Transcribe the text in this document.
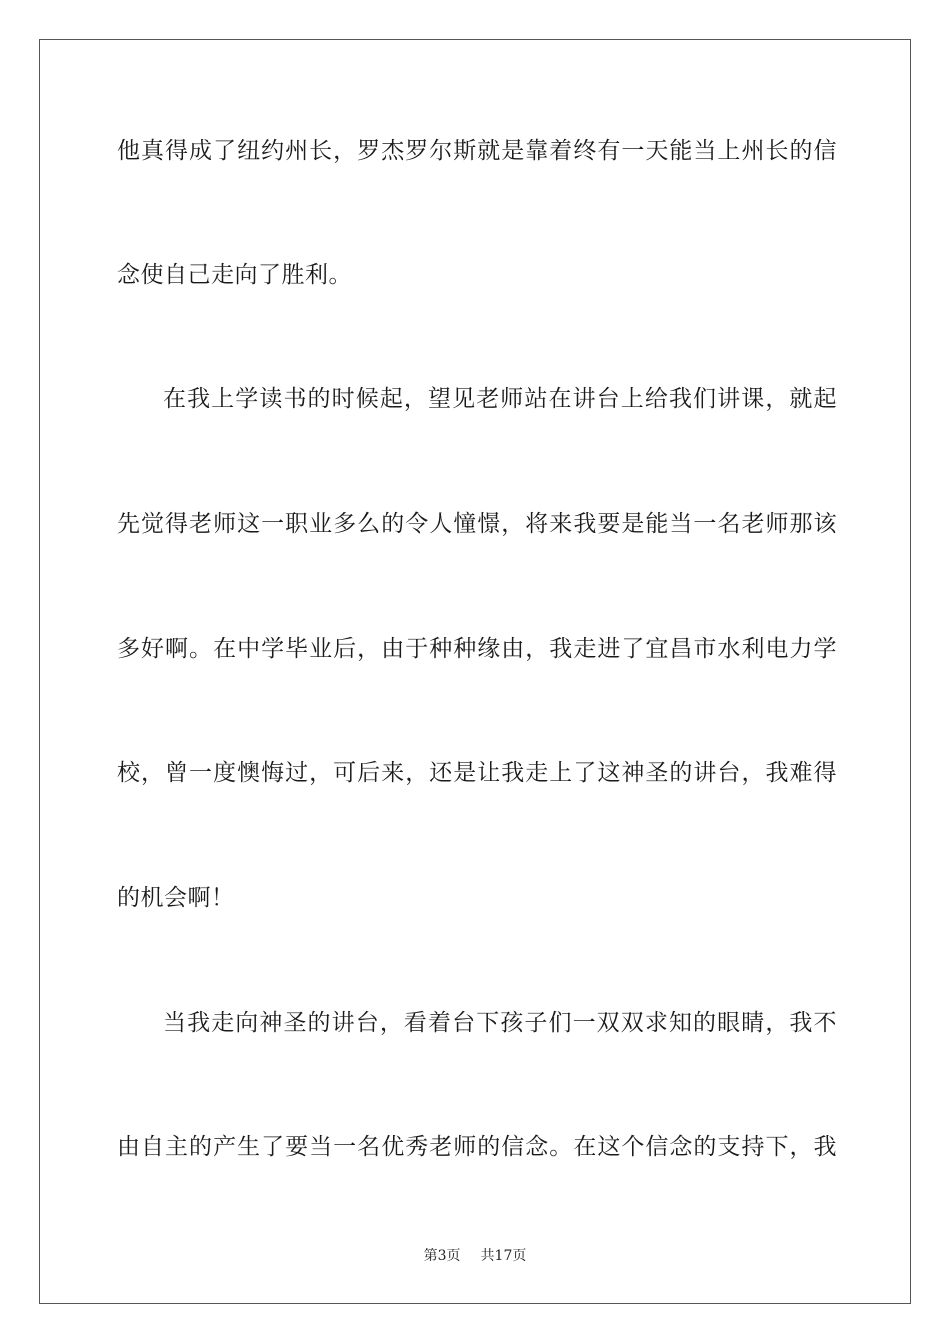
他真得成了纽约州长，罗杰罗尔斯就是靠着终有一天能当上州长的信
念使自己走向了胜利。
在我上学读书的时候起，望见老师站在讲台上给我们讲课，就起
先觉得老师这一职业多么的令人憧憬，将来我要是能当一名老师那该
多好啊。在中学毕业后，由于种种缘由，我走进了宜昌市水利电力学
校，曾一度懊悔过，可后来，还是让我走上了这神圣的讲台，我难得
的机会啊！
当我走向神圣的讲台，看着台下孩子们一双双求知的眼睛，我不
由自主的产生了要当一名优秀老师的信念。在这个信念的支持下，我
第3页 共17页
